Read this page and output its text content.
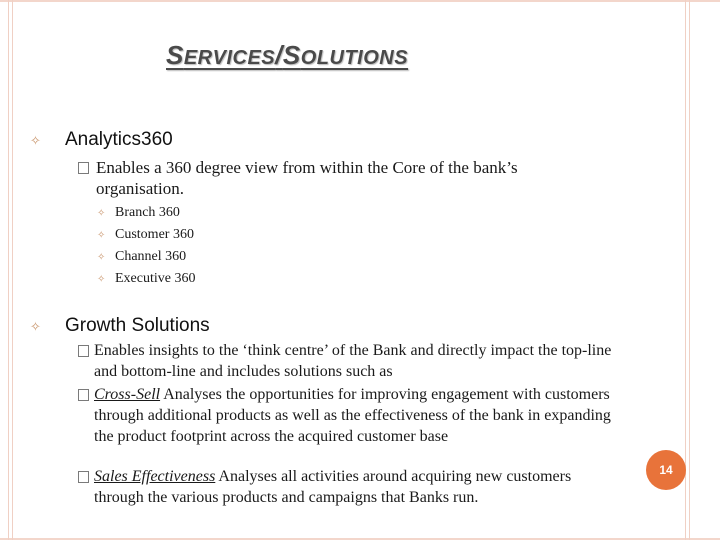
SERVICES/SOLUTIONS
✧ Analytics360
Enables a 360 degree view from within the Core of the bank’s
organisation.
✧ Branch 360
✧ Customer 360
✧ Channel 360
✧ Executive 360
✧ Growth Solutions
Enables insights to the ‘think centre’ of the Bank and directly impact the top-line and bottom-line and includes solutions such as
Cross-Sell Analyses the opportunities for improving engagement with customers through additional products as well as the effectiveness of the bank in expanding the product footprint across the acquired customer base
Sales Effectiveness Analyses all activities around acquiring new customers through the various products and campaigns that Banks run.
14
